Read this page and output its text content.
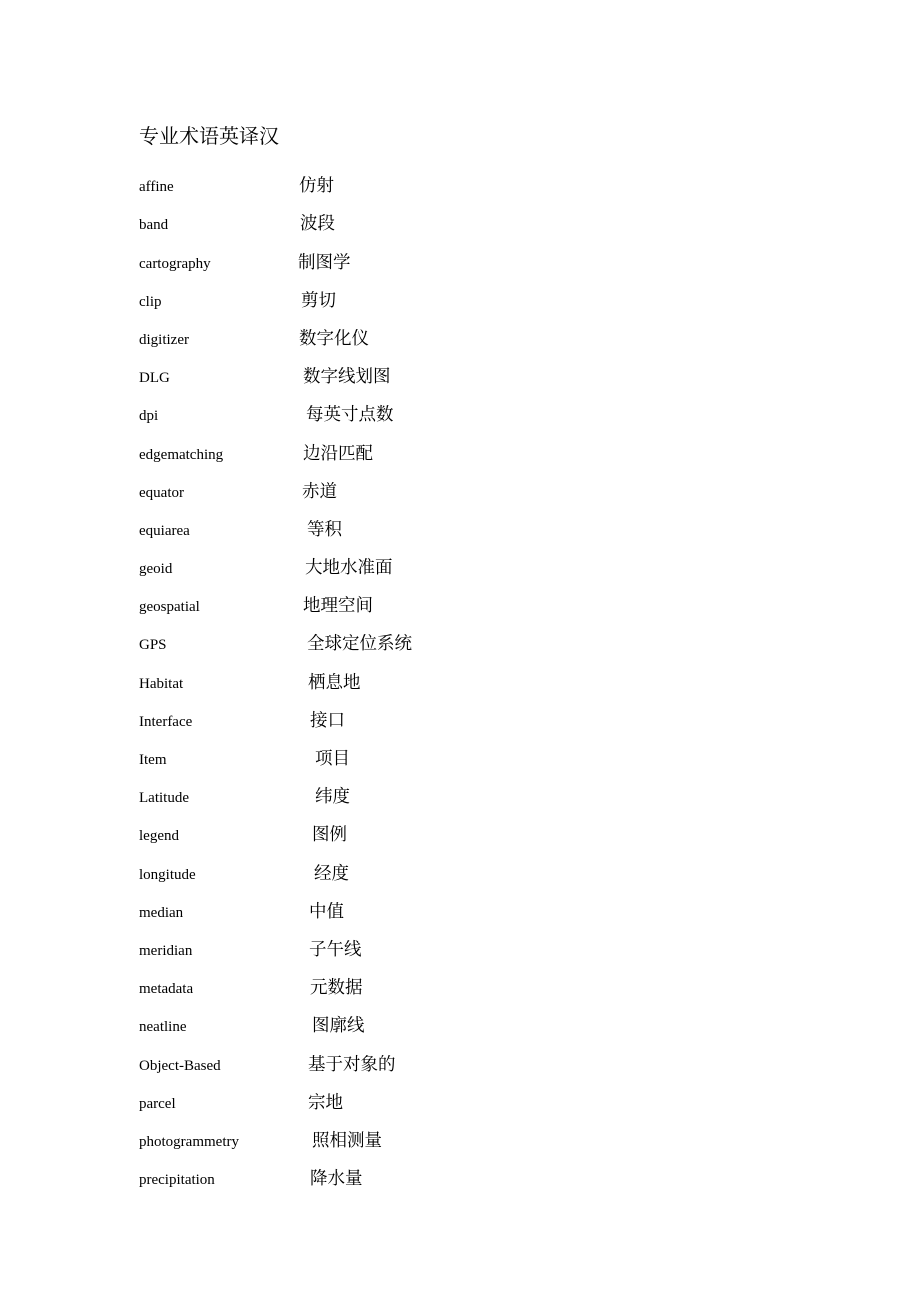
专业术语英译汉
affine	仿射
band	波段
cartography	制图学
clip	剪切
digitizer	数字化仪
DLG	数字线划图
dpi	每英寸点数
edgematching	边沿匹配
equator	赤道
equiarea	等积
geoid	大地水准面
geospatial	地理空间
GPS	全球定位系统
Habitat	栖息地
Interface	接口
Item	项目
Latitude	纬度
legend	图例
longitude	经度
median	中值
meridian	子午线
metadata	元数据
neatline	图廓线
Object-Based	基于对象的
parcel	宗地
photogrammetry	照相测量
precipitation	降水量
